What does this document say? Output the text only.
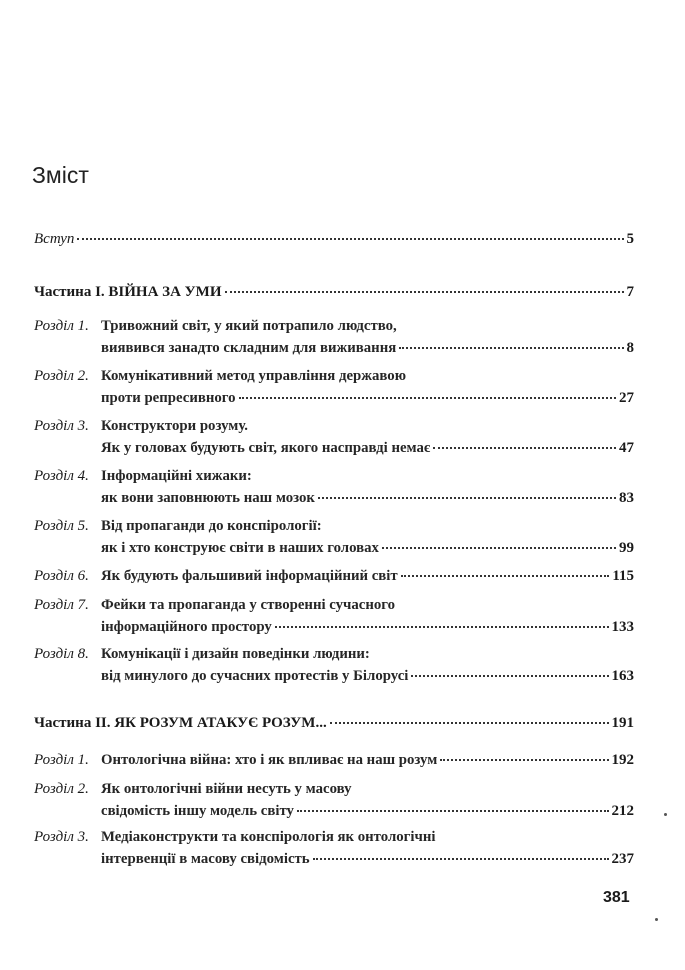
Зміст
Вступ	5
Частина І. ВІЙНА ЗА УМИ	7
Розділ 1. Тривожний світ, у який потрапило людство,
виявився занадто складним для виживання	8
Розділ 2. Комунікативний метод управління державою
проти репресивного	27
Розділ 3. Конструктори розуму.
Як у головах будують світ, якого насправді немає	47
Розділ 4. Інформаційні хижаки:
як вони заповнюють наш мозок	83
Розділ 5. Від пропаганди до конспірології:
як і хто конструює світи в наших головах	99
Розділ 6. Як будують фальшивий інформаційний світ	115
Розділ 7. Фейки та пропаганда у створенні сучасного
інформаційного простору	133
Розділ 8. Комунікації і дизайн поведінки людини:
від минулого до сучасних протестів у Білорусі	163
Частина ІІ. ЯК РОЗУМ АТАКУЄ РОЗУМ...	191
Розділ 1. Онтологічна війна: хто і як впливає на наш розум	192
Розділ 2. Як онтологічні війни несуть у масову
свідомість іншу модель світу	212
Розділ 3. Медіаконструкти та конспірологія як онтологічні
інтервенції в масову свідомість	237
381
